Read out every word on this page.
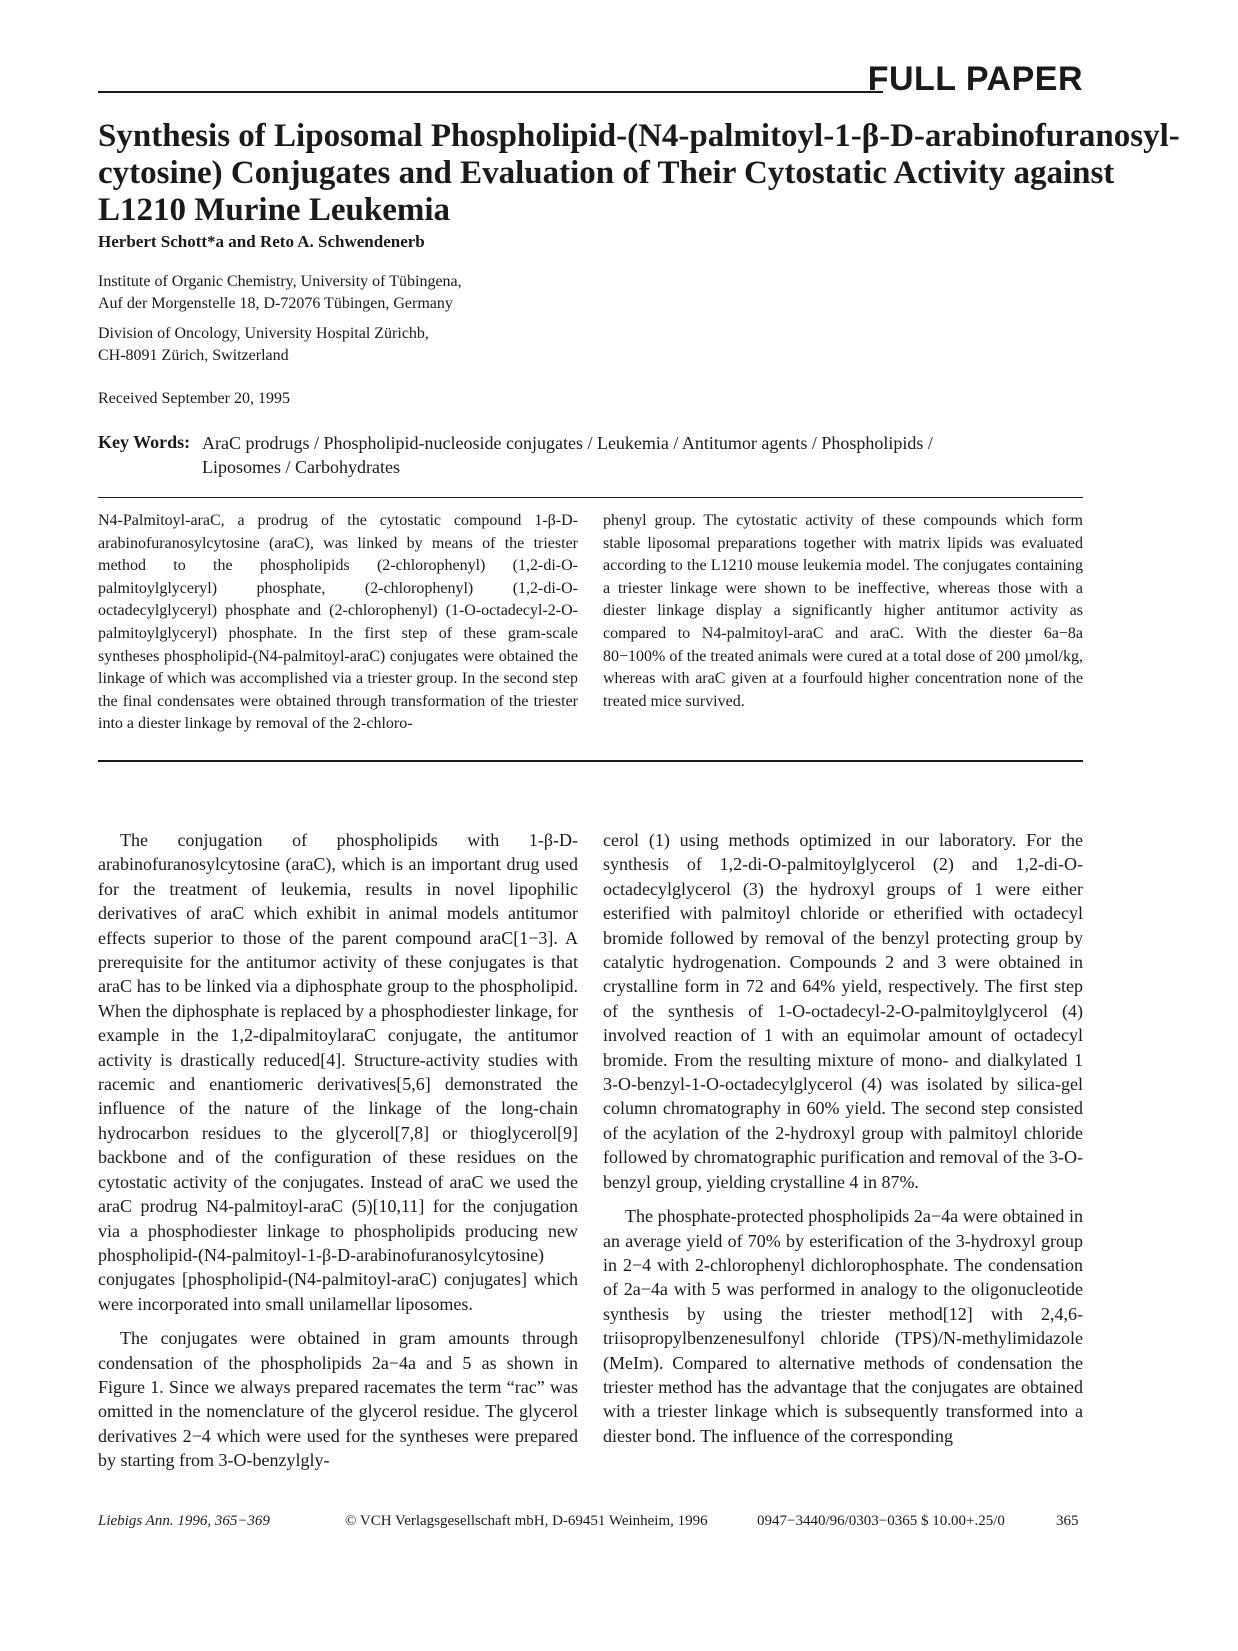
FULL PAPER
Synthesis of Liposomal Phospholipid-(N4-palmitoyl-1-β-D-arabinofuranosyl-
cytosine) Conjugates and Evaluation of Their Cytostatic Activity against
L1210 Murine Leukemia
Herbert Schott*a and Reto A. Schwendenerb
Institute of Organic Chemistry, University of Tübingena,
Auf der Morgenstelle 18, D-72076 Tübingen, Germany
Division of Oncology, University Hospital Zürichb,
CH-8091 Zürich, Switzerland
Received September 20, 1995
Key Words: AraC prodrugs / Phospholipid-nucleoside conjugates / Leukemia / Antitumor agents / Phospholipids /
Liposomes / Carbohydrates
N4-Palmitoyl-araC, a prodrug of the cytostatic compound 1-β-D-arabinofuranosylcytosine (araC), was linked by means of the triester method to the phospholipids (2-chlorophenyl) (1,2-di-O-palmitoylglyceryl) phosphate, (2-chlorophenyl) (1,2-di-O-octadecylglyceryl) phosphate and (2-chlorophenyl) (1-O-octadecyl-2-O-palmitoylglyceryl) phosphate. In the first step of these gram-scale syntheses phospholipid-(N4-palmitoyl-araC) conjugates were obtained the linkage of which was accomplished via a triester group. In the second step the final condensates were obtained through transformation of the triester into a diester linkage by removal of the 2-chloro-
phenyl group. The cytostatic activity of these compounds which form stable liposomal preparations together with matrix lipids was evaluated according to the L1210 mouse leukemia model. The conjugates containing a triester linkage were shown to be ineffective, whereas those with a diester linkage display a significantly higher antitumor activity as compared to N4-palmitoyl-araC and araC. With the diester 6a−8a 80−100% of the treated animals were cured at a total dose of 200 µmol/kg, whereas with araC given at a fourfould higher concentration none of the treated mice survived.

The conjugation of phospholipids with 1-β-D-arabinofuranosylcytosine (araC), which is an important drug used for the treatment of leukemia, results in novel lipophilic derivatives of araC which exhibit in animal models antitumor effects superior to those of the parent compound araC[1−3]. A prerequisite for the antitumor activity of these conjugates is that araC has to be linked via a diphosphate group to the phospholipid. When the diphosphate is replaced by a phosphodiester linkage, for example in the 1,2-dipalmitoylaraC conjugate, the antitumor activity is drastically reduced[4]. Structure-activity studies with racemic and enantiomeric derivatives[5,6] demonstrated the influence of the nature of the linkage of the long-chain hydrocarbon residues to the glycerol[7,8] or thioglycerol[9] backbone and of the configuration of these residues on the cytostatic activity of the conjugates. Instead of araC we used the araC prodrug N4-palmitoyl-araC (5)[10,11] for the conjugation via a phosphodiester linkage to phospholipids producing new phospholipid-(N4-palmitoyl-1-β-D-arabinofuranosylcytosine) conjugates [phospholipid-(N4-palmitoyl-araC) conjugates] which were incorporated into small unilamellar liposomes.

The conjugates were obtained in gram amounts through condensation of the phospholipids 2a−4a and 5 as shown in Figure 1. Since we always prepared racemates the term “rac” was omitted in the nomenclature of the glycerol residue. The glycerol derivatives 2−4 which were used for the syntheses were prepared by starting from 3-O-benzylgly-

cerol (1) using methods optimized in our laboratory. For the synthesis of 1,2-di-O-palmitoylglycerol (2) and 1,2-di-O-octadecylglycerol (3) the hydroxyl groups of 1 were either esterified with palmitoyl chloride or etherified with octadecyl bromide followed by removal of the benzyl protecting group by catalytic hydrogenation. Compounds 2 and 3 were obtained in crystalline form in 72 and 64% yield, respectively. The first step of the synthesis of 1-O-octadecyl-2-O-palmitoylglycerol (4) involved reaction of 1 with an equimolar amount of octadecyl bromide. From the resulting mixture of mono- and dialkylated 1 3-O-benzyl-1-O-octadecylglycerol (4) was isolated by silica-gel column chromatography in 60% yield. The second step consisted of the acylation of the 2-hydroxyl group with palmitoyl chloride followed by chromatographic purification and removal of the 3-O-benzyl group, yielding crystalline 4 in 87%.

The phosphate-protected phospholipids 2a−4a were obtained in an average yield of 70% by esterification of the 3-hydroxyl group in 2−4 with 2-chlorophenyl dichlorophosphate. The condensation of 2a−4a with 5 was performed in analogy to the oligonucleotide synthesis by using the triester method[12] with 2,4,6-triisopropylbenzenesulfonyl chloride (TPS)/N-methylimidazole (MeIm). Compared to alternative methods of condensation the triester method has the advantage that the conjugates are obtained with a triester linkage which is subsequently transformed into a diester bond. The influence of the corresponding

Liebigs Ann. 1996, 365−369	© VCH Verlagsgesellschaft mbH, D-69451 Weinheim, 1996	0947−3440/96/0303−0365 $ 10.00+.25/0	365
